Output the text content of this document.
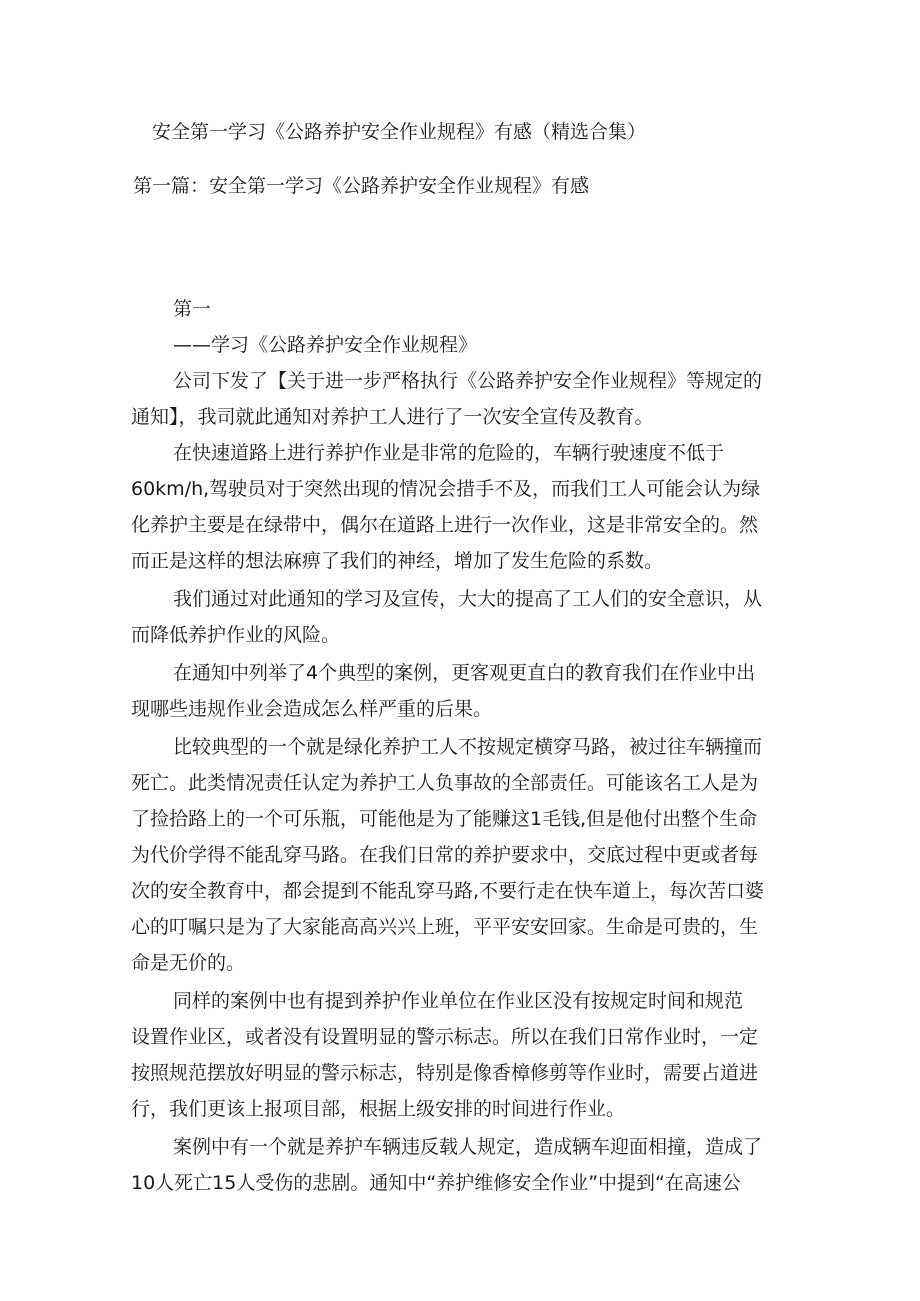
安全第一学习《公路养护安全作业规程》有感（精选合集）
第一篇：安全第一学习《公路养护安全作业规程》有感

第一

——学习《公路养护安全作业规程》

公司下发了【关于进一步严格执行《公路养护安全作业规程》等规定的

通知】，我司就此通知对养护工人进行了一次安全宣传及教育。

在快速道路上进行养护作业是非常的危险的，车辆行驶速度不低于

60km/h,驾驶员对于突然出现的情况会措手不及，而我们工人可能会认为绿

化养护主要是在绿带中，偶尔在道路上进行一次作业，这是非常安全的。然

而正是这样的想法麻痹了我们的神经，增加了发生危险的系数。

我们通过对此通知的学习及宣传，大大的提高了工人们的安全意识，从

而降低养护作业的风险。

在通知中列举了4个典型的案例，更客观更直白的教育我们在作业中出

现哪些违规作业会造成怎么样严重的后果。

比较典型的一个就是绿化养护工人不按规定横穿马路，被过往车辆撞而

死亡。此类情况责任认定为养护工人负事故的全部责任。可能该名工人是为

了捡拾路上的一个可乐瓶，可能他是为了能赚这1毛钱,但是他付出整个生命

为代价学得不能乱穿马路。在我们日常的养护要求中，交底过程中更或者每

次的安全教育中，都会提到不能乱穿马路,不要行走在快车道上，每次苦口婆

心的叮嘱只是为了大家能高高兴兴上班，平平安安回家。生命是可贵的，生

命是无价的。

同样的案例中也有提到养护作业单位在作业区没有按规定时间和规范

设置作业区，或者没有设置明显的警示标志。所以在我们日常作业时，一定

按照规范摆放好明显的警示标志，特别是像香樟修剪等作业时，需要占道进

行，我们更该上报项目部，根据上级安排的时间进行作业。

案例中有一个就是养护车辆违反载人规定，造成辆车迎面相撞，造成了

10人死亡15人受伤的悲剧。通知中“养护维修安全作业”中提到“在高速公
